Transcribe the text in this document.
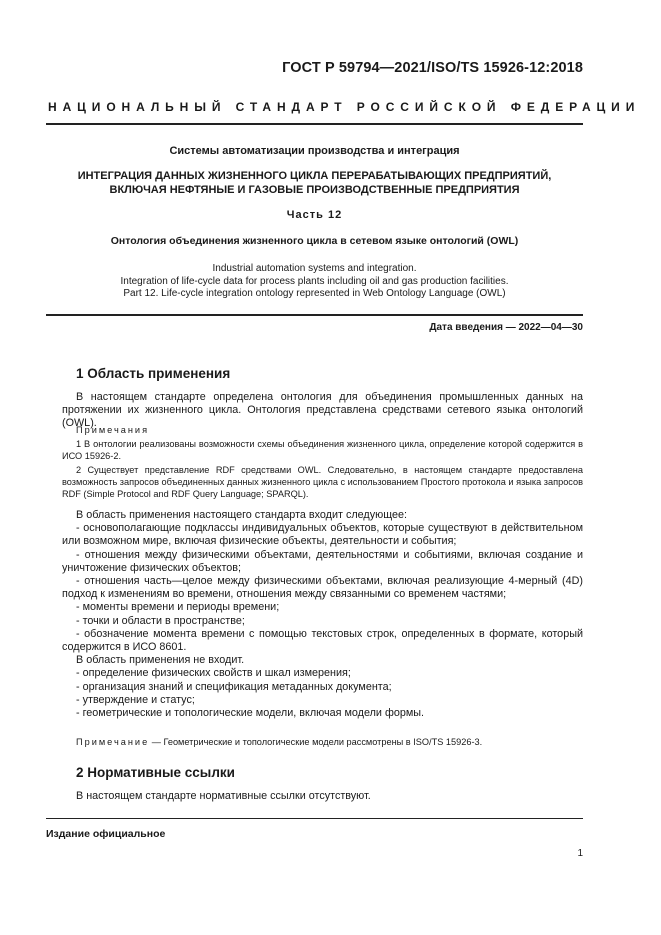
ГОСТ Р 59794—2021/ISO/TS 15926-12:2018
НАЦИОНАЛЬНЫЙ СТАНДАРТ РОССИЙСКОЙ ФЕДЕРАЦИИ
Системы автоматизации производства и интеграция
ИНТЕГРАЦИЯ ДАННЫХ ЖИЗНЕННОГО ЦИКЛА ПЕРЕРАБАТЫВАЮЩИХ ПРЕДПРИЯТИЙ,
ВКЛЮЧАЯ НЕФТЯНЫЕ И ГАЗОВЫЕ ПРОИЗВОДСТВЕННЫЕ ПРЕДПРИЯТИЯ
Часть 12
Онтология объединения жизненного цикла в сетевом языке онтологий (OWL)
Industrial automation systems and integration.
Integration of life-cycle data for process plants including oil and gas production facilities.
Part 12. Life-cycle integration ontology represented in Web Ontology Language (OWL)
Дата введения — 2022—04—30
1 Область применения

В настоящем стандарте определена онтология для объединения промышленных данных на протяжении их жизненного цикла. Онтология представлена средствами сетевого языка онтологий (OWL).

Примечания

1 В онтологии реализованы возможности схемы объединения жизненного цикла, определение которой содержится в ИСО 15926-2.

2 Существует представление RDF средствами OWL. Следовательно, в настоящем стандарте предоставлена возможность запросов объединенных данных жизненного цикла с использованием Простого протокола и языка запросов RDF (Simple Protocol and RDF Query Language; SPARQL).

В область применения настоящего стандарта входит следующее:

- основополагающие подклассы индивидуальных объектов, которые существуют в действительном или возможном мире, включая физические объекты, деятельности и события;

- отношения между физическими объектами, деятельностями и событиями, включая создание и уничтожение физических объектов;

- отношения часть—целое между физическими объектами, включая реализующие 4-мерный (4D) подход к изменениям во времени, отношения между связанными со временем частями;

- моменты времени и периоды времени;

- точки и области в пространстве;

- обозначение момента времени с помощью текстовых строк, определенных в формате, который содержится в ИСО 8601.

В область применения не входит.

- определение физических свойств и шкал измерения;

- организация знаний и спецификация метаданных документа;

- утверждение и статус;

- геометрические и топологические модели, включая модели формы.

Примечание — Геометрические и топологические модели рассмотрены в ISO/TS 15926-3.

2 Нормативные ссылки

В настоящем стандарте нормативные ссылки отсутствуют.

Издание официальное
1
